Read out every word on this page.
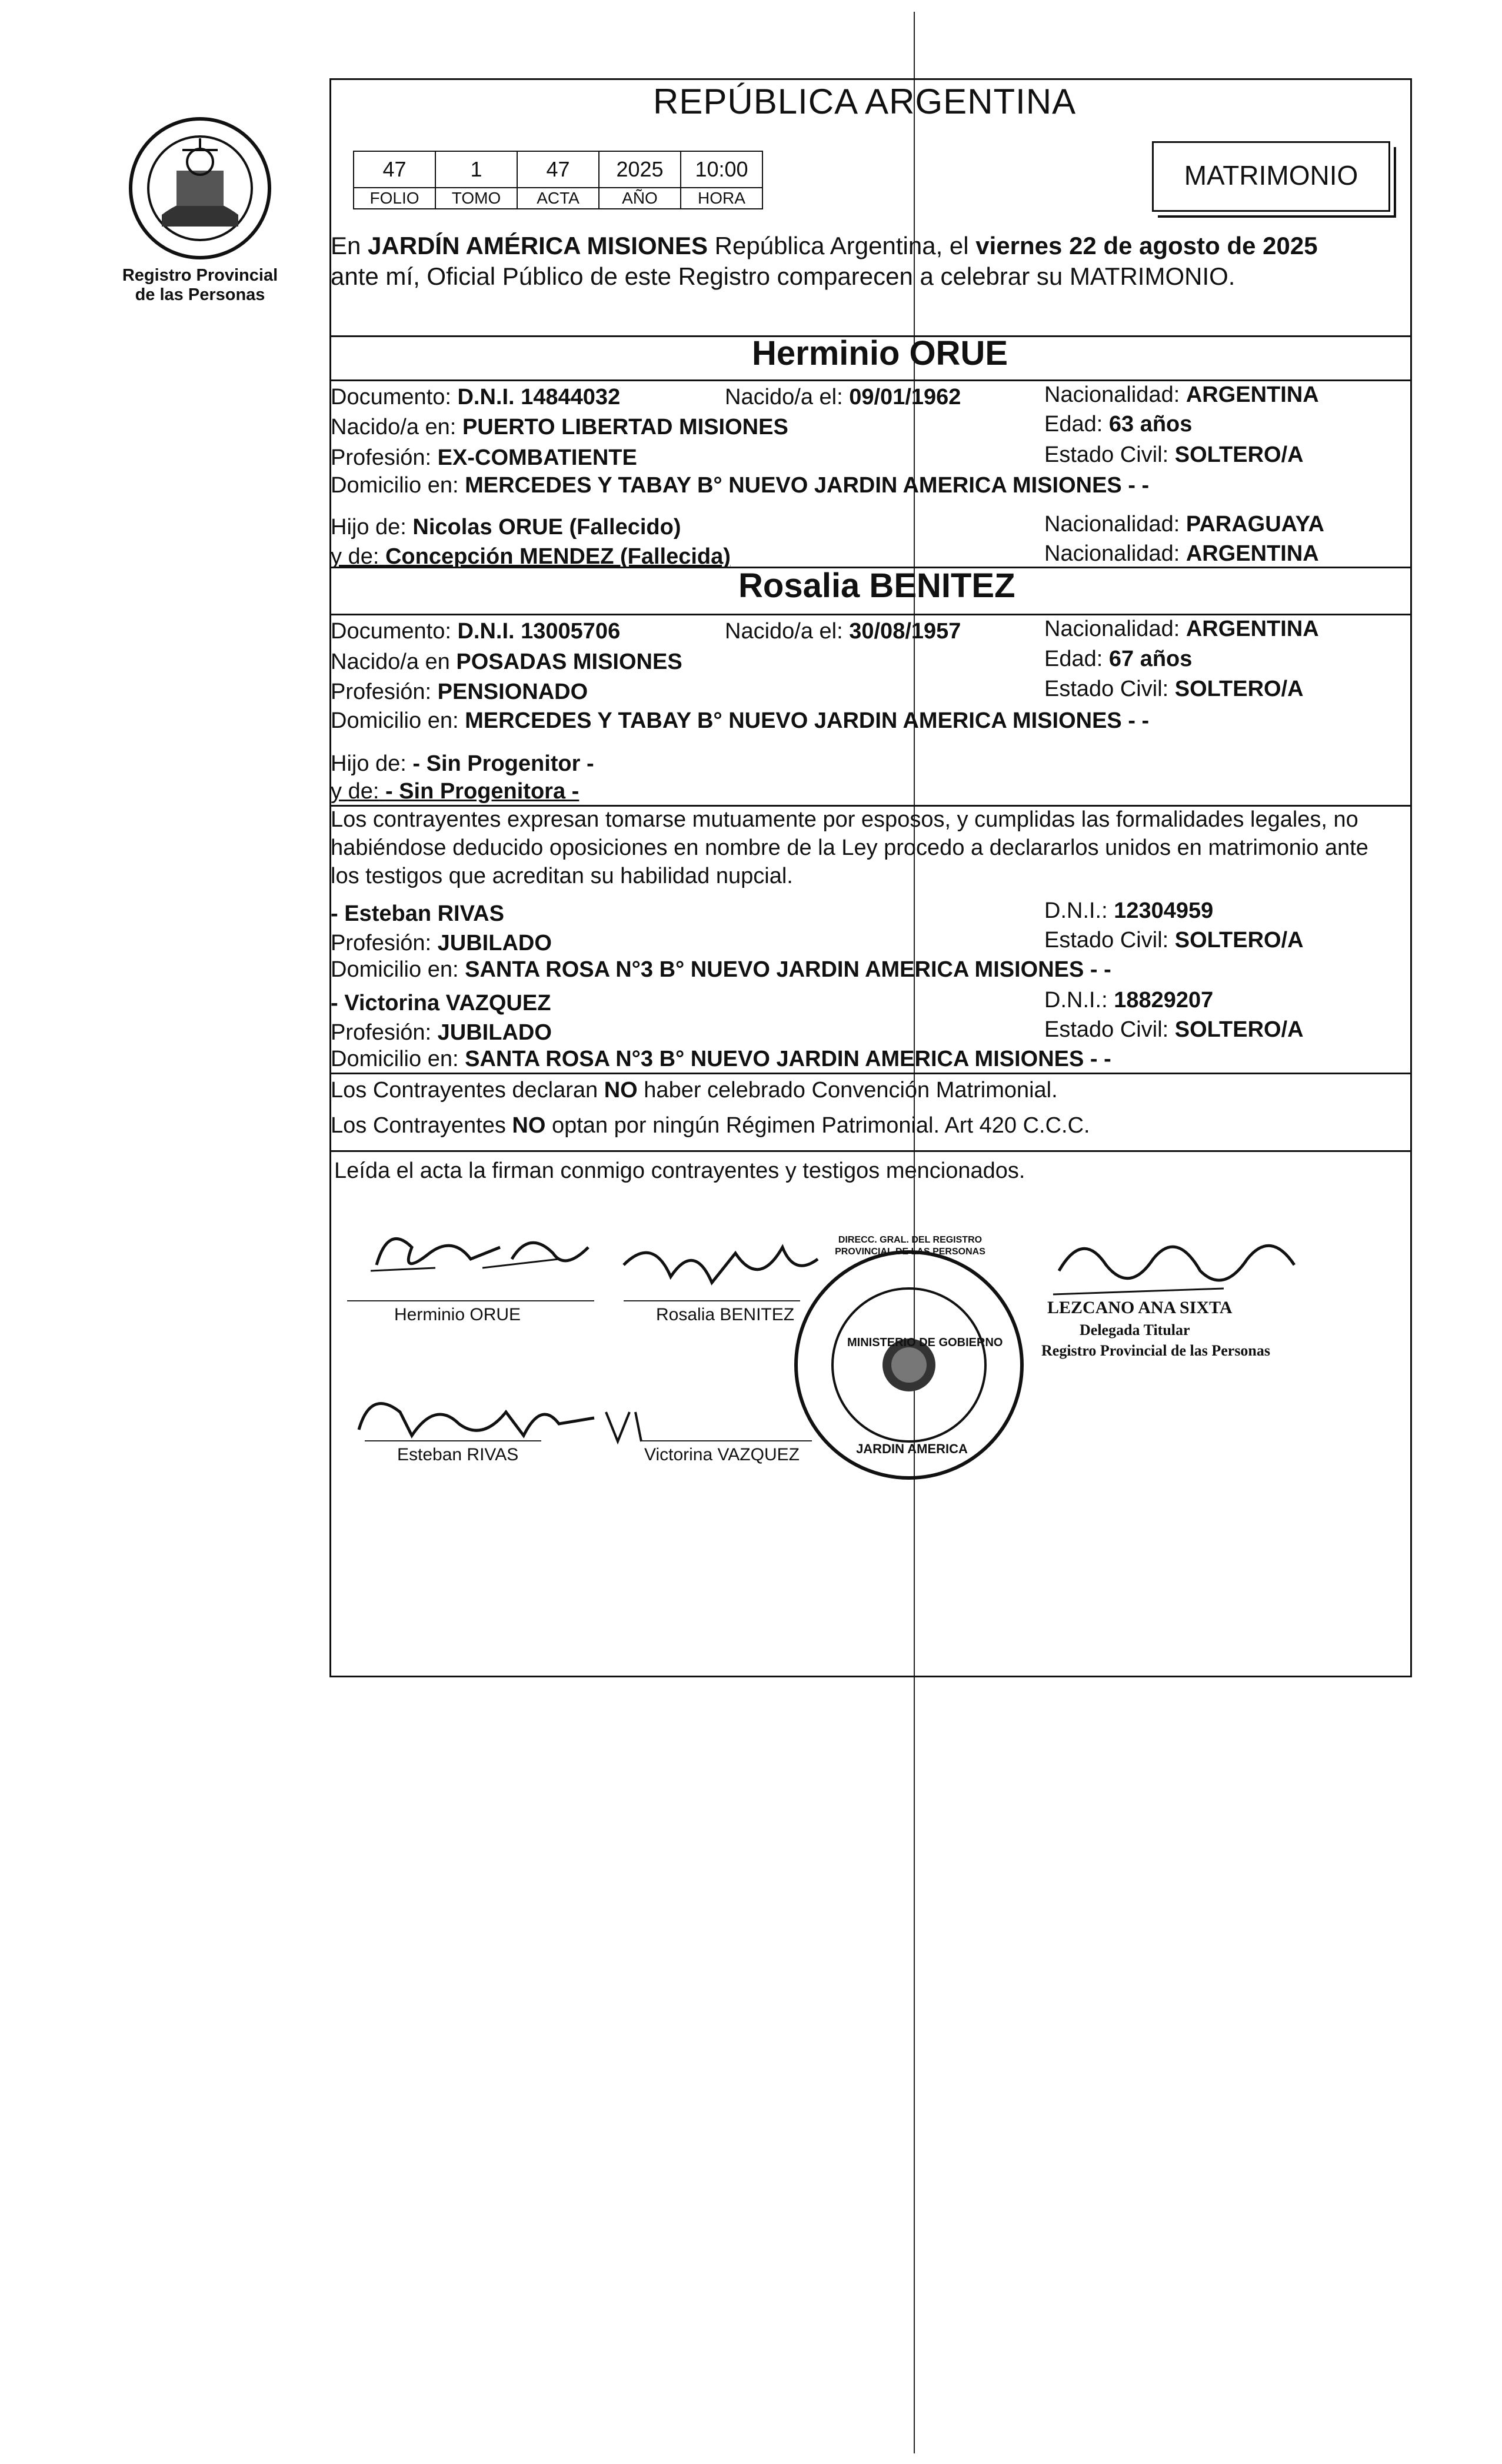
Registro Provincial
de las Personas
REPÚBLICA ARGENTINA
47	1	47	2025	10:00
FOLIO	TOMO	ACTA	AÑO	HORA
MATRIMONIO
En JARDÍN AMÉRICA MISIONES República Argentina, el viernes 22 de agosto de 2025
ante mí, Oficial Público de este Registro comparecen a celebrar su MATRIMONIO.
Herminio ORUE
Documento: D.N.I. 14844032	Nacido/a el: 09/01/1962	Nacionalidad: ARGENTINA
Nacido/a en: PUERTO LIBERTAD MISIONES	Edad: 63 años
Profesión: EX-COMBATIENTE	Estado Civil: SOLTERO/A
Domicilio en: MERCEDES Y TABAY B° NUEVO JARDIN AMERICA MISIONES - -
Hijo de: Nicolas ORUE (Fallecido)	Nacionalidad: PARAGUAYA
y de: Concepción MENDEZ (Fallecida)	Nacionalidad: ARGENTINA
Rosalia BENITEZ
Documento: D.N.I. 13005706	Nacido/a el: 30/08/1957	Nacionalidad: ARGENTINA
Nacido/a en POSADAS MISIONES	Edad: 67 años
Profesión: PENSIONADO	Estado Civil: SOLTERO/A
Domicilio en: MERCEDES Y TABAY B° NUEVO JARDIN AMERICA MISIONES - -
Hijo de: - Sin Progenitor -
y de: - Sin Progenitora -
Los contrayentes expresan tomarse mutuamente por esposos, y cumplidas las formalidades legales, no
habiéndose deducido oposiciones en nombre de la Ley procedo a declararlos unidos en matrimonio ante
los testigos que acreditan su habilidad nupcial.
- Esteban RIVAS	D.N.I.: 12304959
Profesión: JUBILADO	Estado Civil: SOLTERO/A
Domicilio en: SANTA ROSA N°3 B° NUEVO JARDIN AMERICA MISIONES - -
- Victorina VAZQUEZ	D.N.I.: 18829207
Profesión: JUBILADO	Estado Civil: SOLTERO/A
Domicilio en: SANTA ROSA N°3 B° NUEVO JARDIN AMERICA MISIONES - -
Los Contrayentes declaran NO haber celebrado Convención Matrimonial.
Los Contrayentes NO optan por ningún Régimen Patrimonial. Art 420 C.C.C.
Leída el acta la firman conmigo contrayentes y testigos mencionados.
Herminio ORUE	Rosalia BENITEZ
Esteban RIVAS	Victorina VAZQUEZ
DIRECC. GRAL. DEL REGISTRO PROVINCIAL DE LAS PERSONAS
MINISTERIO DE GOBIERNO
JARDIN AMERICA
LEZCANO ANA SIXTA
Delegada Titular
Registro Provincial de las Personas
